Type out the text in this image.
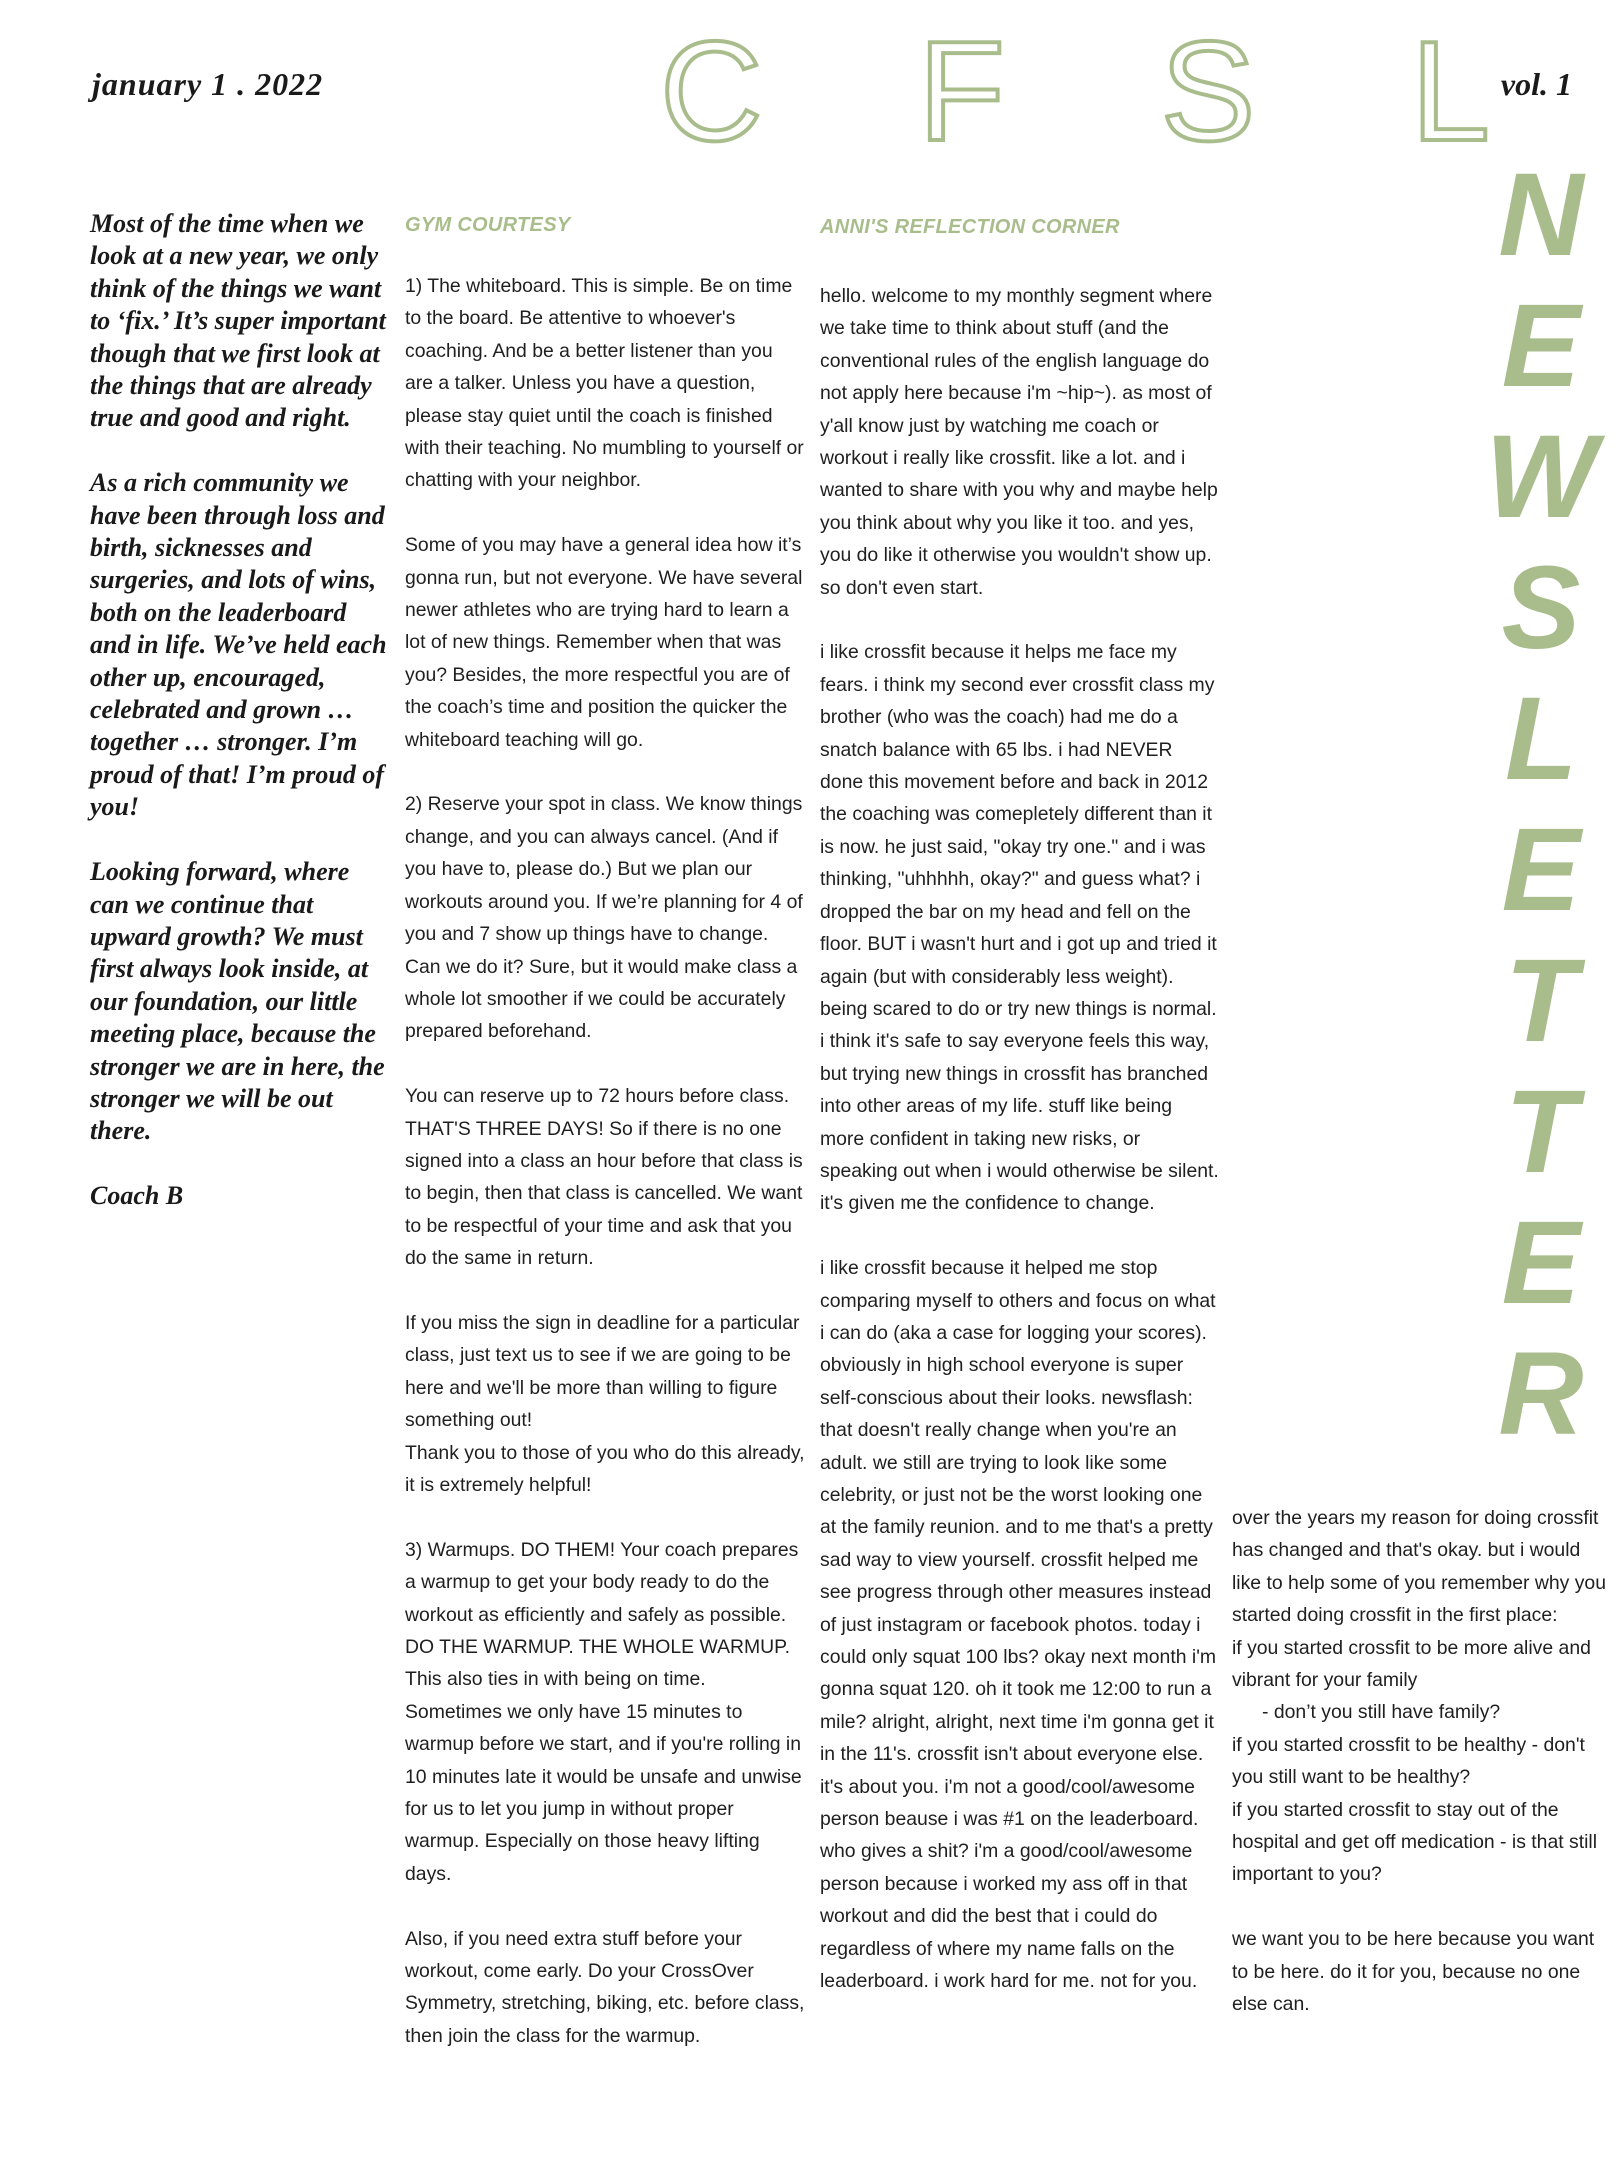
january 1 . 2022	vol. 1
C F S L
N
E
W
S
L
E
T
T
E
R

Most of the time when we look at a new year, we only think of the things we want to ‘fix.’ It’s super important though that we first look at the things that are already true and good and right.

As a rich community we have been through loss and birth, sicknesses and surgeries, and lots of wins, both on the leaderboard and in life. We’ve held each other up, encouraged, celebrated and grown … together … stronger. I’m proud of that! I’m proud of you!

Looking forward, where can we continue that upward growth? We must first always look inside, at our foundation, our little meeting place, because the stronger we are in here, the stronger we will be out there.

Coach B

GYM COURTESY

1) The whiteboard. This is simple. Be on time to the board. Be attentive to whoever's coaching. And be a better listener than you are a talker. Unless you have a question, please stay quiet until the coach is finished with their teaching. No mumbling to yourself or chatting with your neighbor.

Some of you may have a general idea how it’s gonna run, but not everyone. We have several newer athletes who are trying hard to learn a lot of new things. Remember when that was you? Besides, the more respectful you are of the coach’s time and position the quicker the whiteboard teaching will go.

2) Reserve your spot in class. We know things change, and you can always cancel. (And if you have to, please do.) But we plan our workouts around you. If we’re planning for 4 of you and 7 show up things have to change. Can we do it? Sure, but it would make class a whole lot smoother if we could be accurately prepared beforehand.

You can reserve up to 72 hours before class. THAT'S THREE DAYS! So if there is no one signed into a class an hour before that class is to begin, then that class is cancelled. We want to be respectful of your time and ask that you do the same in return.

If you miss the sign in deadline for a particular class, just text us to see if we are going to be here and we'll be more than willing to figure something out!

Thank you to those of you who do this already, it is extremely helpful!

3) Warmups. DO THEM! Your coach prepares a warmup to get your body ready to do the workout as efficiently and safely as possible. DO THE WARMUP. THE WHOLE WARMUP. This also ties in with being on time. Sometimes we only have 15 minutes to warmup before we start, and if you're rolling in 10 minutes late it would be unsafe and unwise for us to let you jump in without proper warmup. Especially on those heavy lifting days.

Also, if you need extra stuff before your workout, come early. Do your CrossOver Symmetry, stretching, biking, etc. before class, then join the class for the warmup.

ANNI'S REFLECTION CORNER

hello. welcome to my monthly segment where we take time to think about stuff (and the conventional rules of the english language do not apply here because i'm ~hip~). as most of y'all know just by watching me coach or workout i really like crossfit. like a lot. and i wanted to share with you why and maybe help you think about why you like it too. and yes, you do like it otherwise you wouldn't show up. so don't even start.

i like crossfit because it helps me face my fears. i think my second ever crossfit class my brother (who was the coach) had me do a snatch balance with 65 lbs. i had NEVER done this movement before and back in 2012 the coaching was comepletely different than it is now. he just said, "okay try one." and i was thinking, "uhhhhh, okay?" and guess what? i dropped the bar on my head and fell on the floor. BUT i wasn't hurt and i got up and tried it again (but with considerably less weight). being scared to do or try new things is normal. i think it's safe to say everyone feels this way, but trying new things in crossfit has branched into other areas of my life. stuff like being more confident in taking new risks, or speaking out when i would otherwise be silent. it's given me the confidence to change.

i like crossfit because it helped me stop comparing myself to others and focus on what i can do (aka a case for logging your scores). obviously in high school everyone is super self-conscious about their looks. newsflash: that doesn't really change when you're an adult. we still are trying to look like some celebrity, or just not be the worst looking one at the family reunion. and to me that's a pretty sad way to view yourself. crossfit helped me see progress through other measures instead of just instagram or facebook photos. today i could only squat 100 lbs? okay next month i'm gonna squat 120. oh it took me 12:00 to run a mile? alright, alright, next time i'm gonna get it in the 11's. crossfit isn't about everyone else. it's about you. i'm not a good/cool/awesome person beause i was #1 on the leaderboard. who gives a shit? i'm a good/cool/awesome person because i worked my ass off in that workout and did the best that i could do regardless of where my name falls on the leaderboard. i work hard for me. not for you.

over the years my reason for doing crossfit has changed and that's okay. but i would like to help some of you remember why you started doing crossfit in the first place:
if you started crossfit to be more alive and vibrant for your family
- don’t you still have family?
if you started crossfit to be healthy - don't you still want to be healthy?
if you started crossfit to stay out of the hospital and get off medication - is that still important to you?
we want you to be here because you want to be here. do it for you, because no one else can.
